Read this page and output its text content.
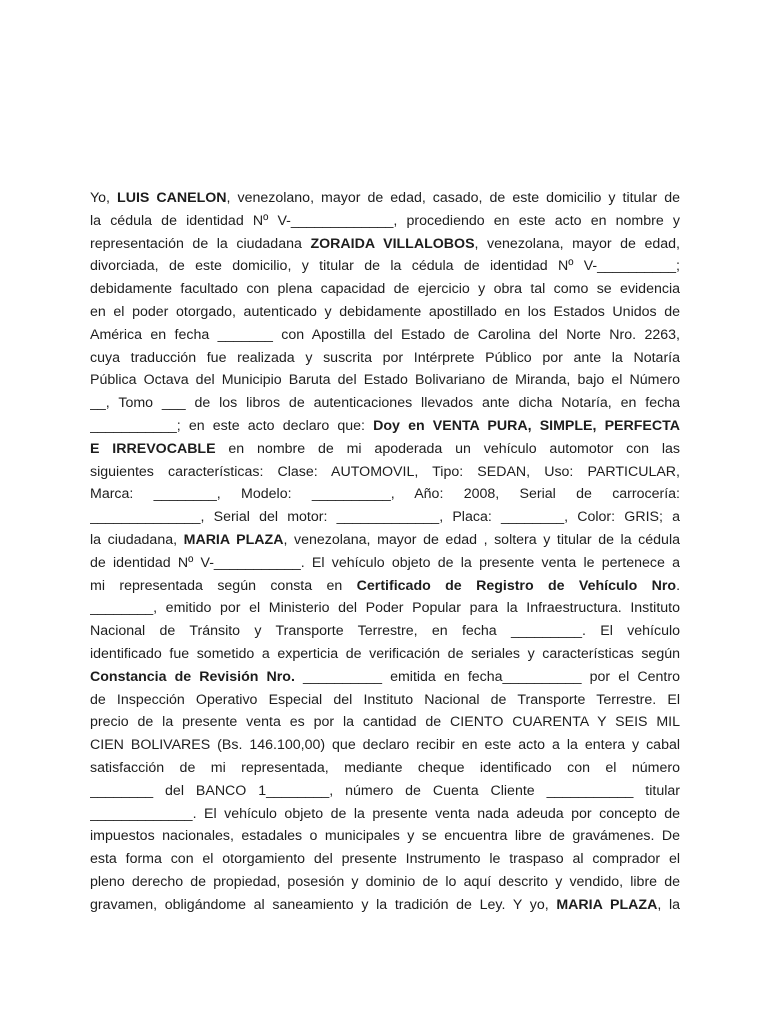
Yo, LUIS CANELON, venezolano, mayor de edad, casado, de este domicilio y titular de
la cédula de identidad Nº V-_____________, procediendo en este acto en nombre y
representación de la ciudadana ZORAIDA VILLALOBOS, venezolana, mayor de edad,
divorciada, de este domicilio, y titular de la cédula de identidad Nº V-__________;
debidamente facultado con plena capacidad de ejercicio y obra tal como se evidencia
en el poder otorgado, autenticado y debidamente apostillado en los Estados Unidos de
América en fecha _______ con Apostilla del Estado de Carolina del Norte Nro. 2263,
cuya traducción fue realizada y suscrita por Intérprete Público por ante la Notaría
Pública Octava del Municipio Baruta del Estado Bolivariano de Miranda, bajo el Número
__, Tomo ___ de los libros de autenticaciones llevados ante dicha Notaría, en fecha
___________; en este acto declaro que: Doy en VENTA PURA, SIMPLE, PERFECTA
E IRREVOCABLE en nombre de mi apoderada un vehículo automotor con las
siguientes características: Clase: AUTOMOVIL, Tipo: SEDAN, Uso: PARTICULAR,
Marca: ________, Modelo: __________, Año: 2008, Serial de carrocería:
______________, Serial del motor: _____________, Placa: ________, Color: GRIS; a
la ciudadana, MARIA PLAZA, venezolana, mayor de edad , soltera y titular de la cédula
de identidad Nº V-___________. El vehículo objeto de la presente venta le pertenece a
mi representada según consta en Certificado de Registro de Vehículo Nro.
________, emitido por el Ministerio del Poder Popular para la Infraestructura. Instituto
Nacional de Tránsito y Transporte Terrestre, en fecha _________. El vehículo
identificado fue sometido a experticia de verificación de seriales y características según
Constancia de Revisión Nro. __________ emitida en fecha__________ por el Centro
de Inspección Operativo Especial del Instituto Nacional de Transporte Terrestre. El
precio de la presente venta es por la cantidad de CIENTO CUARENTA Y SEIS MIL
CIEN BOLIVARES (Bs. 146.100,00) que declaro recibir en este acto a la entera y cabal
satisfacción de mi representada, mediante cheque identificado con el número
________ del BANCO 1________, número de Cuenta Cliente ___________ titular
_____________. El vehículo objeto de la presente venta nada adeuda por concepto de
impuestos nacionales, estadales o municipales y se encuentra libre de gravámenes. De
esta forma con el otorgamiento del presente Instrumento le traspaso al comprador el
pleno derecho de propiedad, posesión y dominio de lo aquí descrito y vendido, libre de
gravamen, obligándome al saneamiento y la tradición de Ley. Y yo, MARIA PLAZA, la
